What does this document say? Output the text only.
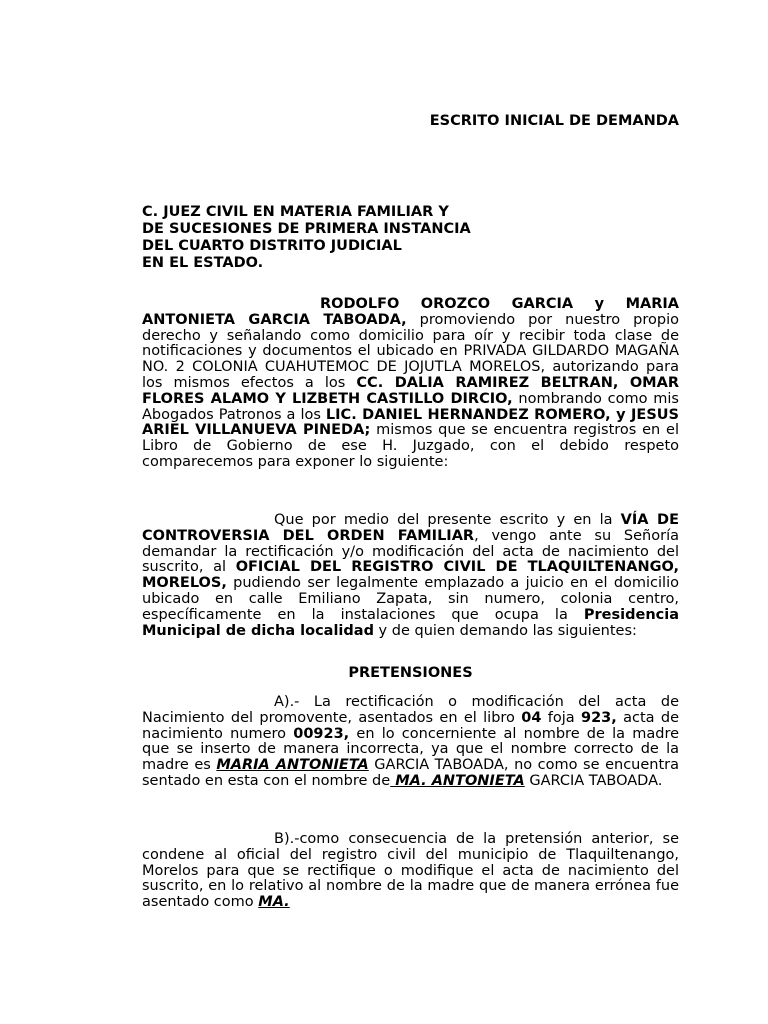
ESCRITO INICIAL DE DEMANDA
C. JUEZ CIVIL EN MATERIA FAMILIAR Y
DE SUCESIONES DE PRIMERA INSTANCIA
DEL CUARTO DISTRITO JUDICIAL
EN EL ESTADO.
RODOLFO OROZCO GARCIA y MARIA ANTONIETA GARCIA TABOADA, promoviendo por nuestro propio derecho y señalando como domicilio para oír y recibir toda clase de notificaciones y documentos el ubicado en PRIVADA GILDARDO MAGAÑA NO. 2 COLONIA CUAHUTEMOC DE JOJUTLA MORELOS, autorizando para los mismos efectos a los CC. DALIA RAMIREZ BELTRAN, OMAR FLORES ALAMO Y LIZBETH CASTILLO DIRCIO, nombrando como mis Abogados Patronos a los LIC. DANIEL HERNANDEZ ROMERO, y JESUS ARIEL VILLANUEVA PINEDA; mismos que se encuentra registros en el Libro de Gobierno de ese H. Juzgado, con el debido respeto comparecemos para exponer lo siguiente:
Que por medio del presente escrito y en la VÍA DE CONTROVERSIA DEL ORDEN FAMILIAR, vengo ante su Señoría demandar la rectificación y/o modificación del acta de nacimiento del suscrito, al OFICIAL DEL REGISTRO CIVIL DE TLAQUILTENANGO, MORELOS, pudiendo ser legalmente emplazado a juicio en el domicilio ubicado en calle Emiliano Zapata, sin numero, colonia centro, específicamente en la instalaciones que ocupa la Presidencia Municipal de dicha localidad y de quien demando las siguientes:
PRETENSIONES
A).- La rectificación o modificación del acta de Nacimiento del promovente, asentados en el libro 04 foja 923, acta de nacimiento numero 00923, en lo concerniente al nombre de la madre que se inserto de manera incorrecta, ya que el nombre correcto de la madre es MARIA ANTONIETA GARCIA TABOADA, no como se encuentra sentado en esta con el nombre de MA. ANTONIETA GARCIA TABOADA.
B).-como consecuencia de la pretensión anterior, se condene al oficial del registro civil del municipio de Tlaquiltenango, Morelos para que se rectifique o modifique el acta de nacimiento del suscrito, en lo relativo al nombre de la madre que de manera errónea fue asentado como MA.
